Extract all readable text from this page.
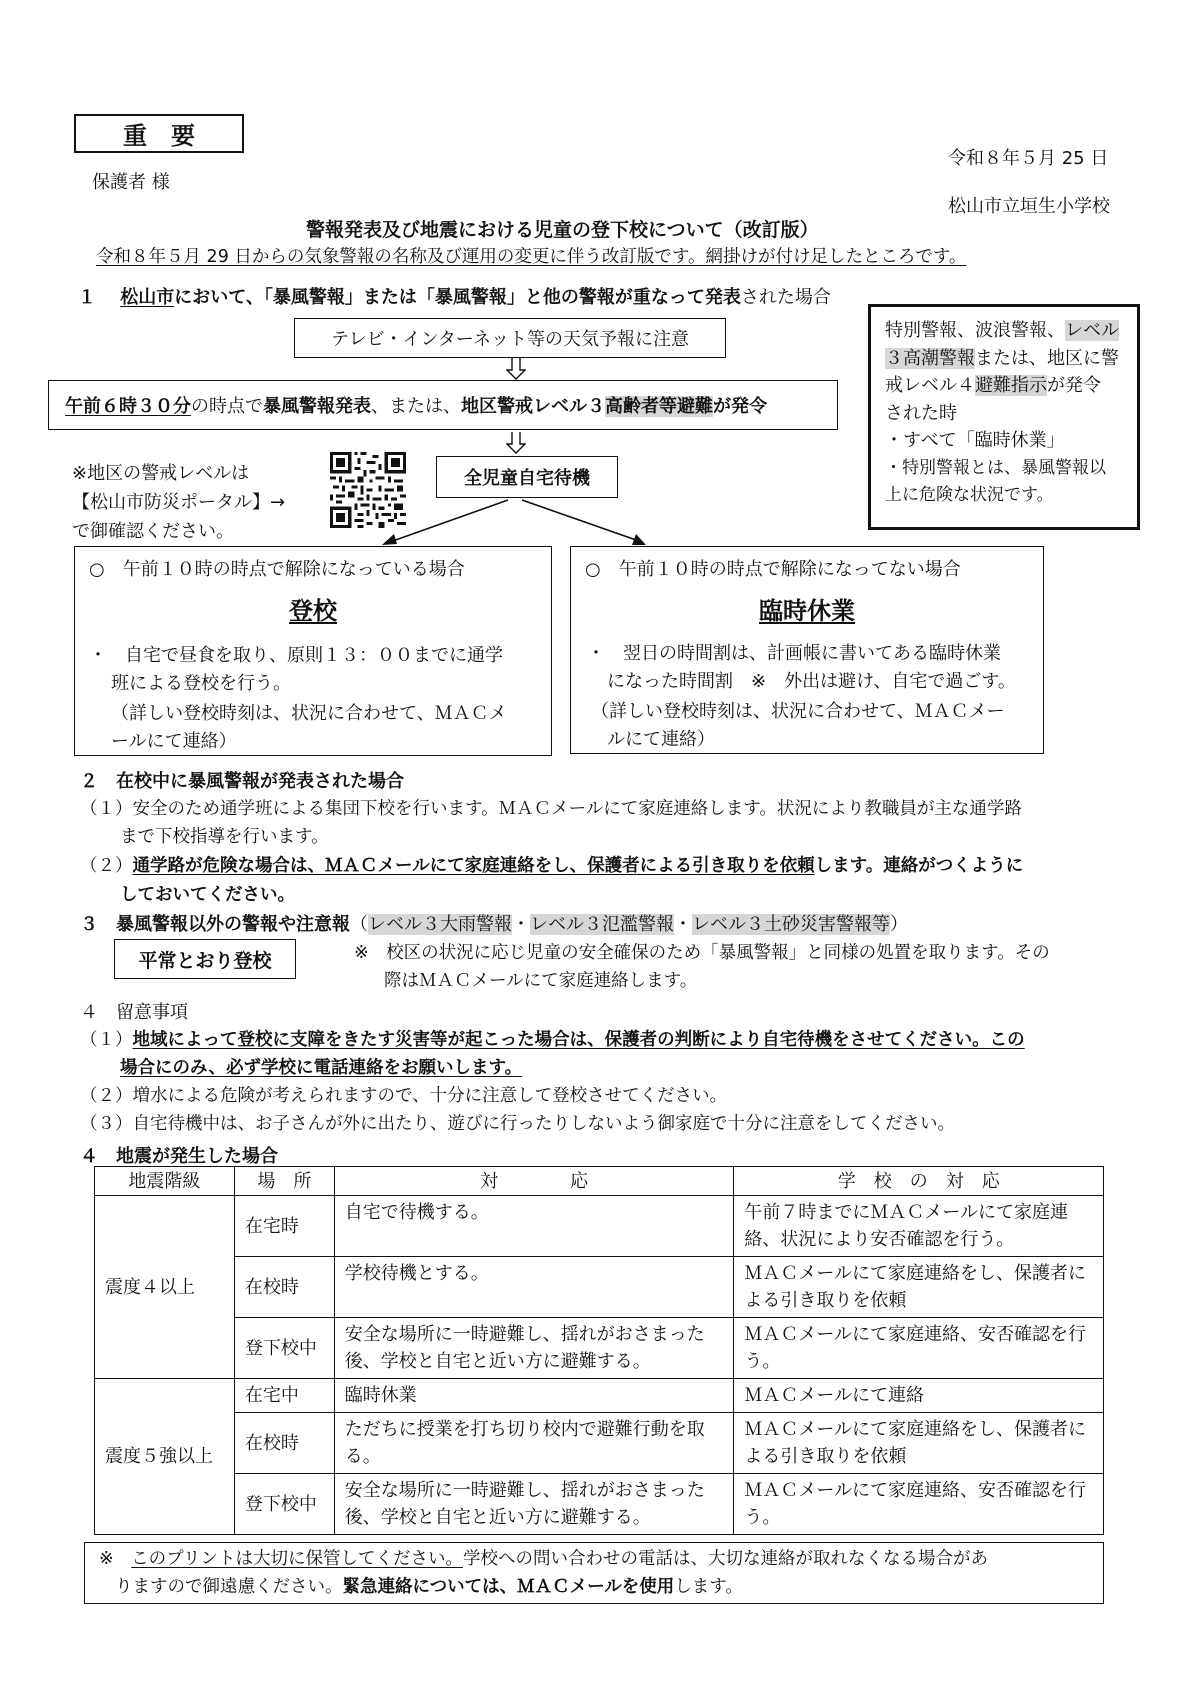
重　要
令和８年５月 25 日
保護者 様
松山市立垣生小学校
警報発表及び地震における児童の登下校について（改訂版）
令和８年５月 29 日からの気象警報の名称及び運用の変更に伴う改訂版です。網掛けが付け足したところです。
１　 松山市において、「暴風警報」または「暴風警報」と他の警報が重なって発表された場合
テレビ・インターネット等の天気予報に注意
午前６時３０分の時点で暴風警報発表、または、地区警戒レベル３高齢者等避難が発令
※地区の警戒レベルは
【松山市防災ポータル】→
で御確認ください。
全児童自宅待機
特別警報、波浪警報、レベル
３高潮警報または、地区に警
戒レベル４避難指示が発令
された時
・すべて「臨時休業」
・特別警報とは、暴風警報以
上に危険な状況です。
○　午前１０時の時点で解除になっている場合
登校
・　自宅で昼食を取り、原則１３：００までに通学
班による登校を行う。
（詳しい登校時刻は、状況に合わせて、ＭＡＣメ
ールにて連絡）
○　午前１０時の時点で解除になってない場合
臨時休業
・　翌日の時間割は、計画帳に書いてある臨時休業
になった時間割　※　外出は避け、自宅で過ごす。
（詳しい登校時刻は、状況に合わせて、ＭＡＣメー
ルにて連絡）
２　在校中に暴風警報が発表された場合
（１）安全のため通学班による集団下校を行います。ＭＡＣメールにて家庭連絡します。状況により教職員が主な通学路
まで下校指導を行います。
（２）通学路が危険な場合は、ＭＡＣメールにて家庭連絡をし、保護者による引き取りを依頼します。連絡がつくように
しておいてください。
３　暴風警報以外の警報や注意報（レベル３大雨警報・レベル３氾濫警報・レベル３土砂災害警報等）
平常とおり登校	※　校区の状況に応じ児童の安全確保のため「暴風警報」と同様の処置を取ります。その
際はＭＡＣメールにて家庭連絡します。
４　留意事項
（１）地域によって登校に支障をきたす災害等が起こった場合は、保護者の判断により自宅待機をさせてください。この
場合にのみ、必ず学校に電話連絡をお願いします。
（２）増水による危険が考えられますので、十分に注意して登校させてください。
（３）自宅待機中は、お子さんが外に出たり、遊びに行ったりしないよう御家庭で十分に注意をしてください。
４　地震が発生した場合
地震階級	場　所	対　　　　応	学　校　の　対　応
震度４以上	在宅時	自宅で待機する。	午前７時までにＭＡＣメールにて家庭連絡、状況により安否確認を行う。
	在校時	学校待機とする。	ＭＡＣメールにて家庭連絡をし、保護者による引き取りを依頼
	登下校中	安全な場所に一時避難し、揺れがおさまった後、学校と自宅と近い方に避難する。	ＭＡＣメールにて家庭連絡、安否確認を行う。
震度５強以上	在宅中	臨時休業	ＭＡＣメールにて連絡
	在校時	ただちに授業を打ち切り校内で避難行動を取る。	ＭＡＣメールにて家庭連絡をし、保護者による引き取りを依頼
	登下校中	安全な場所に一時避難し、揺れがおさまった後、学校と自宅と近い方に避難する。	ＭＡＣメールにて家庭連絡、安否確認を行う。
※　このプリントは大切に保管してください。学校への問い合わせの電話は、大切な連絡が取れなくなる場合があ
りますので御遠慮ください。緊急連絡については、ＭＡＣメールを使用します。
